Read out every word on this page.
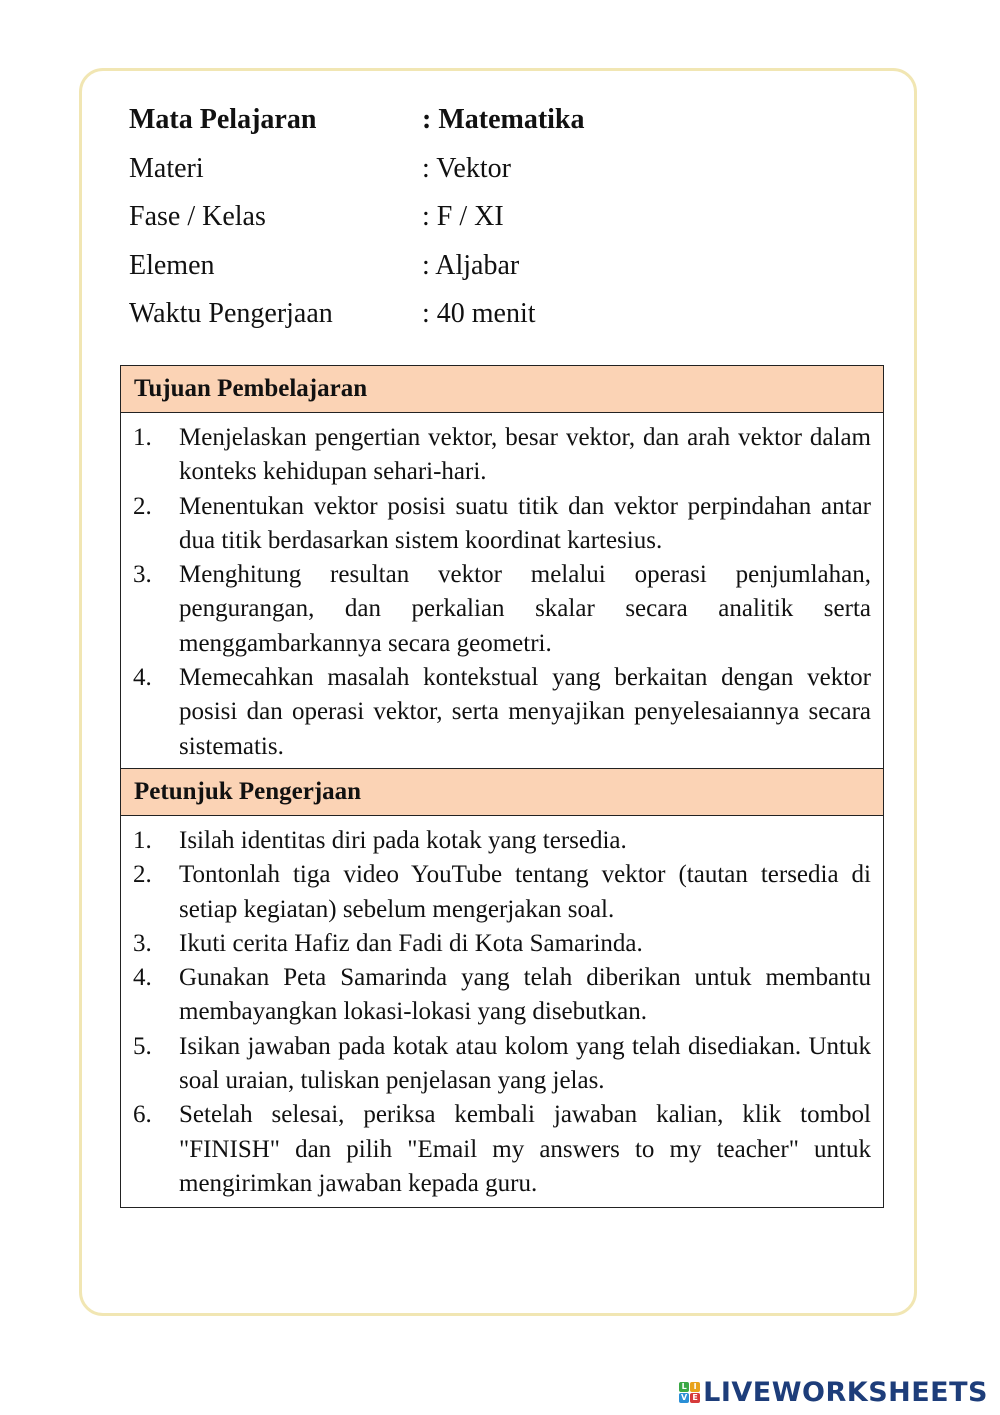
Mata Pelajaran	: Matematika
Materi	: Vektor
Fase / Kelas	: F / XI
Elemen	: Aljabar
Waktu Pengerjaan	: 40 menit
Tujuan Pembelajaran
1.	Menjelaskan pengertian vektor, besar vektor, dan arah vektor dalam konteks kehidupan sehari-hari.
2.	Menentukan vektor posisi suatu titik dan vektor perpindahan antar dua titik berdasarkan sistem koordinat kartesius.
3.	Menghitung resultan vektor melalui operasi penjumlahan, pengurangan, dan perkalian skalar secara analitik serta menggambarkannya secara geometri.
4.	Memecahkan masalah kontekstual yang berkaitan dengan vektor posisi dan operasi vektor, serta menyajikan penyelesaiannya secara sistematis.
Petunjuk Pengerjaan
1.	Isilah identitas diri pada kotak yang tersedia.
2.	Tontonlah tiga video YouTube tentang vektor (tautan tersedia di setiap kegiatan) sebelum mengerjakan soal.
3.	Ikuti cerita Hafiz dan Fadi di Kota Samarinda.
4.	Gunakan Peta Samarinda yang telah diberikan untuk membantu membayangkan lokasi-lokasi yang disebutkan.
5.	Isikan jawaban pada kotak atau kolom yang telah disediakan. Untuk soal uraian, tuliskan penjelasan yang jelas.
6.	Setelah selesai, periksa kembali jawaban kalian, klik tombol "FINISH" dan pilih "Email my answers to my teacher" untuk mengirimkan jawaban kepada guru.
L I
V E LIVEWORKSHEETS
